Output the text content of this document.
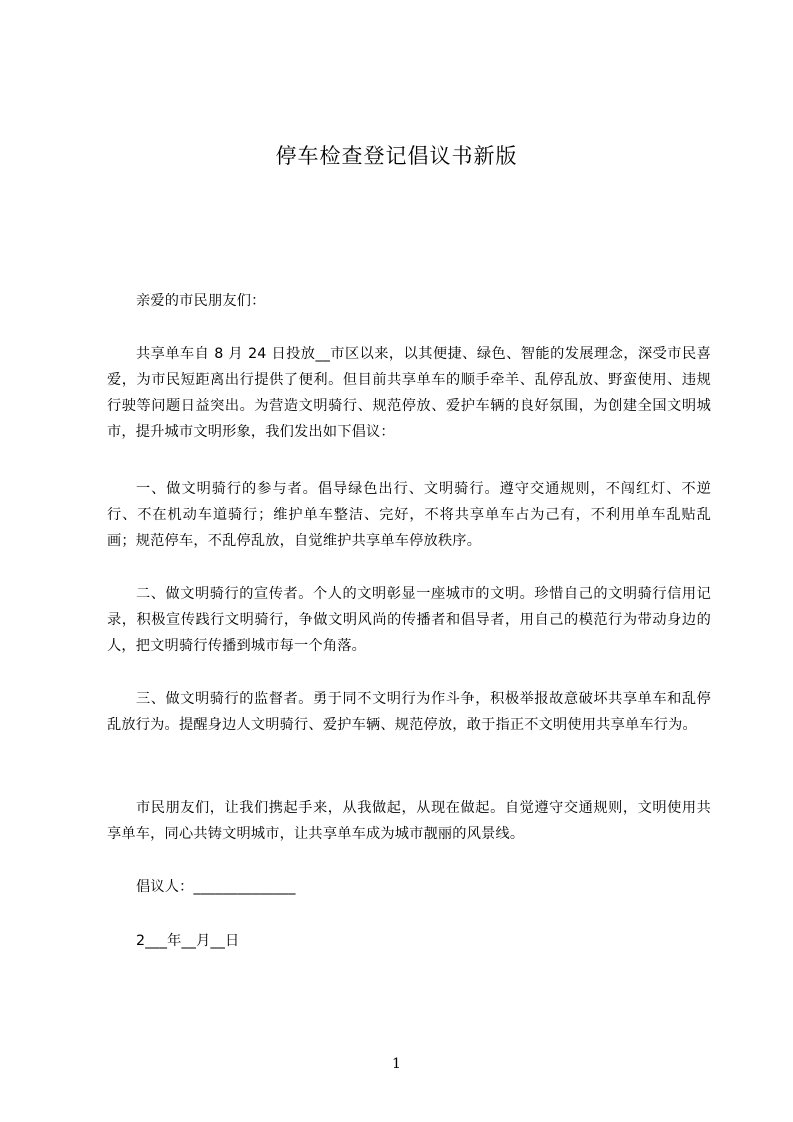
停车检查登记倡议书新版
亲爱的市民朋友们：
共享单车自 8 月 24 日投放__市区以来，以其便捷、绿色、智能的发展理念，深受市民喜爱，为市民短距离出行提供了便利。但目前共享单车的顺手牵羊、乱停乱放、野蛮使用、违规行驶等问题日益突出。为营造文明骑行、规范停放、爱护车辆的良好氛围，为创建全国文明城市，提升城市文明形象，我们发出如下倡议：
一、做文明骑行的参与者。倡导绿色出行、文明骑行。遵守交通规则，不闯红灯、不逆行、不在机动车道骑行；维护单车整洁、完好，不将共享单车占为己有，不利用单车乱贴乱画；规范停车，不乱停乱放，自觉维护共享单车停放秩序。
二、做文明骑行的宣传者。个人的文明彰显一座城市的文明。珍惜自己的文明骑行信用记录，积极宣传践行文明骑行，争做文明风尚的传播者和倡导者，用自己的模范行为带动身边的人，把文明骑行传播到城市每一个角落。
三、做文明骑行的监督者。勇于同不文明行为作斗争，积极举报故意破坏共享单车和乱停乱放行为。提醒身边人文明骑行、爱护车辆、规范停放，敢于指正不文明使用共享单车行为。
市民朋友们，让我们携起手来，从我做起，从现在做起。自觉遵守交通规则，文明使用共享单车，同心共铸文明城市，让共享单车成为城市靓丽的风景线。
倡议人：______________
2___年__月__日
1
